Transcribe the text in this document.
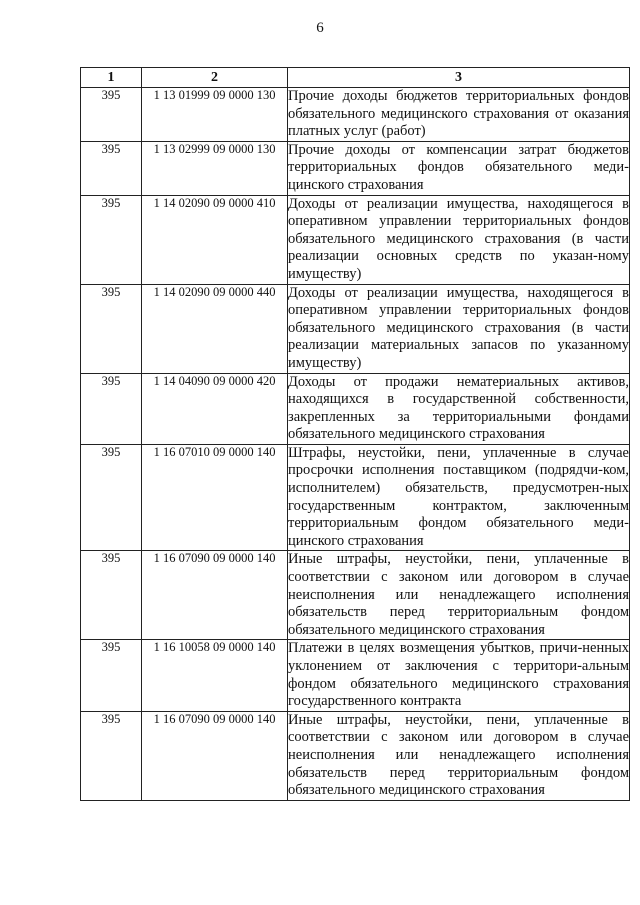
6
1	2	3
395	1 13 01999 09 0000 130	Прочие доходы бюджетов территориальных фондов обязательного медицинского страхования от оказания платных услуг (работ)
395	1 13 02999 09 0000 130	Прочие доходы от компенсации затрат бюджетов территориальных фондов обязательного меди-цинского страхования
395	1 14 02090 09 0000 410	Доходы от реализации имущества, находящегося в оперативном управлении территориальных фондов обязательного медицинского страхования (в части реализации основных средств по указан-ному имуществу)
395	1 14 02090 09 0000 440	Доходы от реализации имущества, находящегося в оперативном управлении территориальных фондов обязательного медицинского страхования (в части реализации материальных запасов по указанному имуществу)
395	1 14 04090 09 0000 420	Доходы от продажи нематериальных активов, находящихся в государственной собственности, закрепленных за территориальными фондами обязательного медицинского страхования
395	1 16 07010 09 0000 140	Штрафы, неустойки, пени, уплаченные в случае просрочки исполнения поставщиком (подрядчи-ком, исполнителем) обязательств, предусмотрен-ных государственным контрактом, заключенным территориальным фондом обязательного меди-цинского страхования
395	1 16 07090 09 0000 140	Иные штрафы, неустойки, пени, уплаченные в соответствии с законом или договором в случае неисполнения или ненадлежащего исполнения обязательств перед территориальным фондом обязательного медицинского страхования
395	1 16 10058 09 0000 140	Платежи в целях возмещения убытков, причи-ненных уклонением от заключения с территори-альным фондом обязательного медицинского страхования государственного контракта
395	1 16 07090 09 0000 140	Иные штрафы, неустойки, пени, уплаченные в соответствии с законом или договором в случае неисполнения или ненадлежащего исполнения обязательств перед территориальным фондом обязательного медицинского страхования
